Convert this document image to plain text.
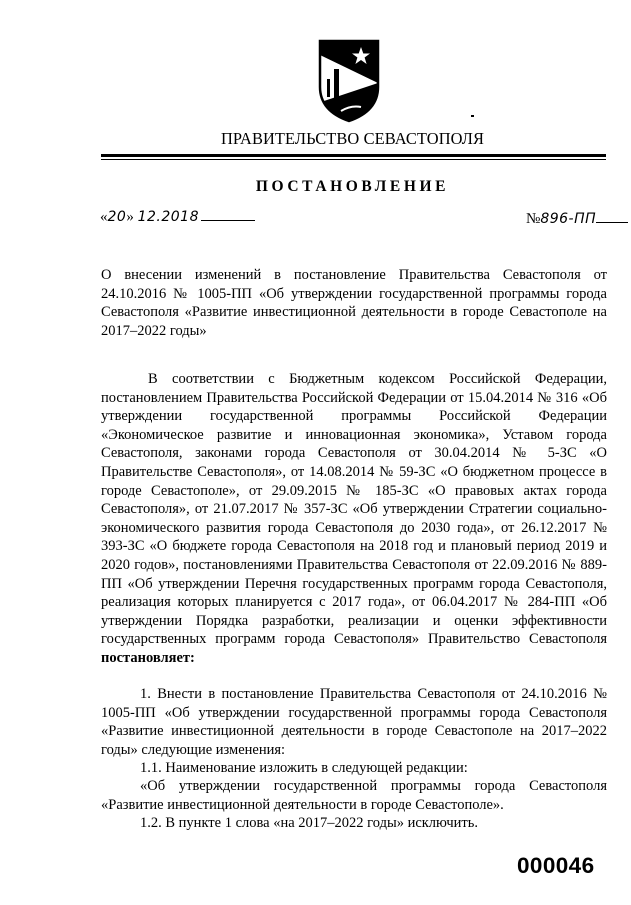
ПРАВИТЕЛЬСТВО СЕВАСТОПОЛЯ
ПОСТАНОВЛЕНИЕ
«20» 12.2018	№896-ПП
О внесении изменений в постановление Правительства Севастополя от 24.10.2016 № 1005-ПП «Об утверждении государственной программы города Севастополя «Развитие инвестиционной деятельности в городе Севастополе на 2017–2022 годы»
В соответствии с Бюджетным кодексом Российской Федерации, постановлением Правительства Российской Федерации от 15.04.2014 № 316 «Об утверждении государственной программы Российской Федерации «Экономическое развитие и инновационная экономика», Уставом города Севастополя, законами города Севастополя от 30.04.2014 № 5-ЗС «О Правительстве Севастополя», от 14.08.2014 № 59-ЗС «О бюджетном процессе в городе Севастополе», от 29.09.2015 № 185-ЗС «О правовых актах города Севастополя», от 21.07.2017 № 357-ЗС «Об утверждении Стратегии социально-экономического развития города Севастополя до 2030 года», от 26.12.2017 № 393-ЗС «О бюджете города Севастополя на 2018 год и плановый период 2019 и 2020 годов», постановлениями Правительства Севастополя от 22.09.2016 № 889-ПП «Об утверждении Перечня государственных программ города Севастополя, реализация которых планируется с 2017 года», от 06.04.2017 № 284-ПП «Об утверждении Порядка разработки, реализации и оценки эффективности государственных программ города Севастополя» Правительство Севастополя постановляет:
1. Внести в постановление Правительства Севастополя от 24.10.2016 № 1005-ПП «Об утверждении государственной программы города Севастополя «Развитие инвестиционной деятельности в городе Севастополе на 2017–2022 годы» следующие изменения:
1.1. Наименование изложить в следующей редакции:
«Об утверждении государственной программы города Севастополя «Развитие инвестиционной деятельности в городе Севастополе».
1.2. В пункте 1 слова «на 2017–2022 годы» исключить.
000046
